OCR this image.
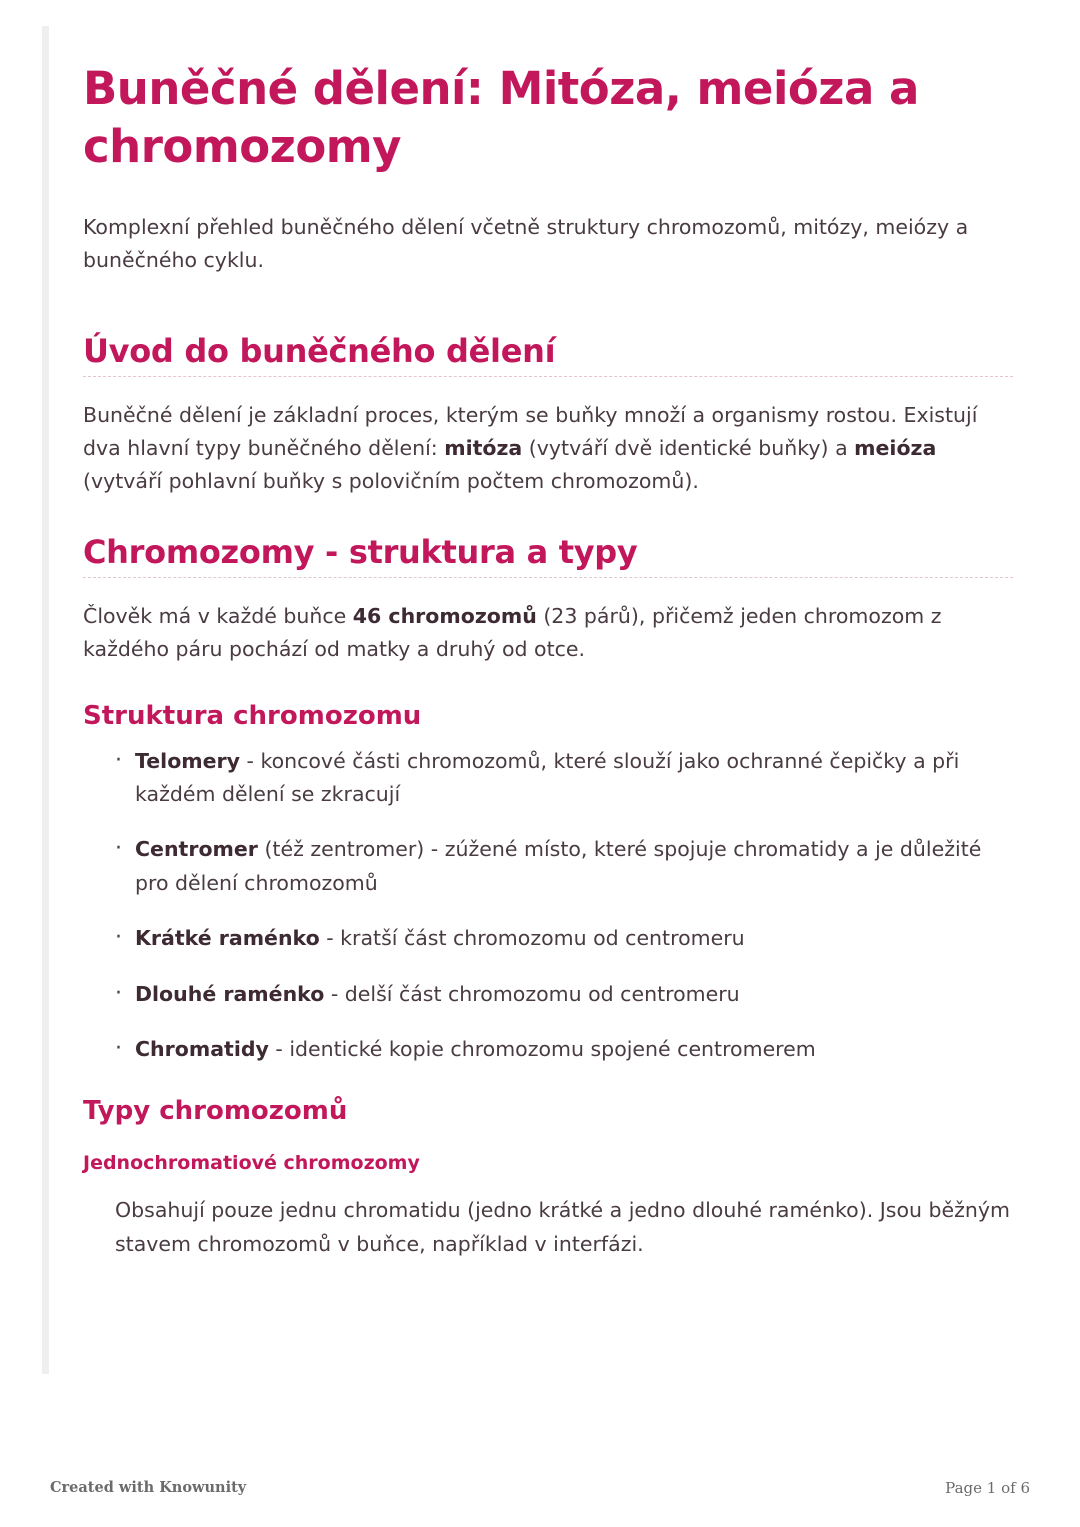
Buněčné dělení: Mitóza, meióza a chromozomy

Komplexní přehled buněčného dělení včetně struktury chromozomů, mitózy, meiózy a buněčného cyklu.

Úvod do buněčného dělení

Buněčné dělení je základní proces, kterým se buňky množí a organismy rostou. Existují dva hlavní typy buněčného dělení: mitóza (vytváří dvě identické buňky) a meióza (vytváří pohlavní buňky s polovičním počtem chromozomů).

Chromozomy - struktura a typy

Člověk má v každé buňce 46 chromozomů (23 párů), přičemž jeden chromozom z každého páru pochází od matky a druhý od otce.

Struktura chromozomu
· Telomery - koncové části chromozomů, které slouží jako ochranné čepičky a při každém dělení se zkracují
· Centromer (též zentromer) - zúžené místo, které spojuje chromatidy a je důležité pro dělení chromozomů
· Krátké raménko - kratší část chromozomu od centromeru
· Dlouhé raménko - delší část chromozomu od centromeru
· Chromatidy - identické kopie chromozomu spojené centromerem
Typy chromozomů
Jednochromatiové chromozomy

Obsahují pouze jednu chromatidu (jedno krátké a jedno dlouhé raménko). Jsou běžným stavem chromozomů v buňce, například v interfázi.

Created with Knowunity	Page 1 of 6
